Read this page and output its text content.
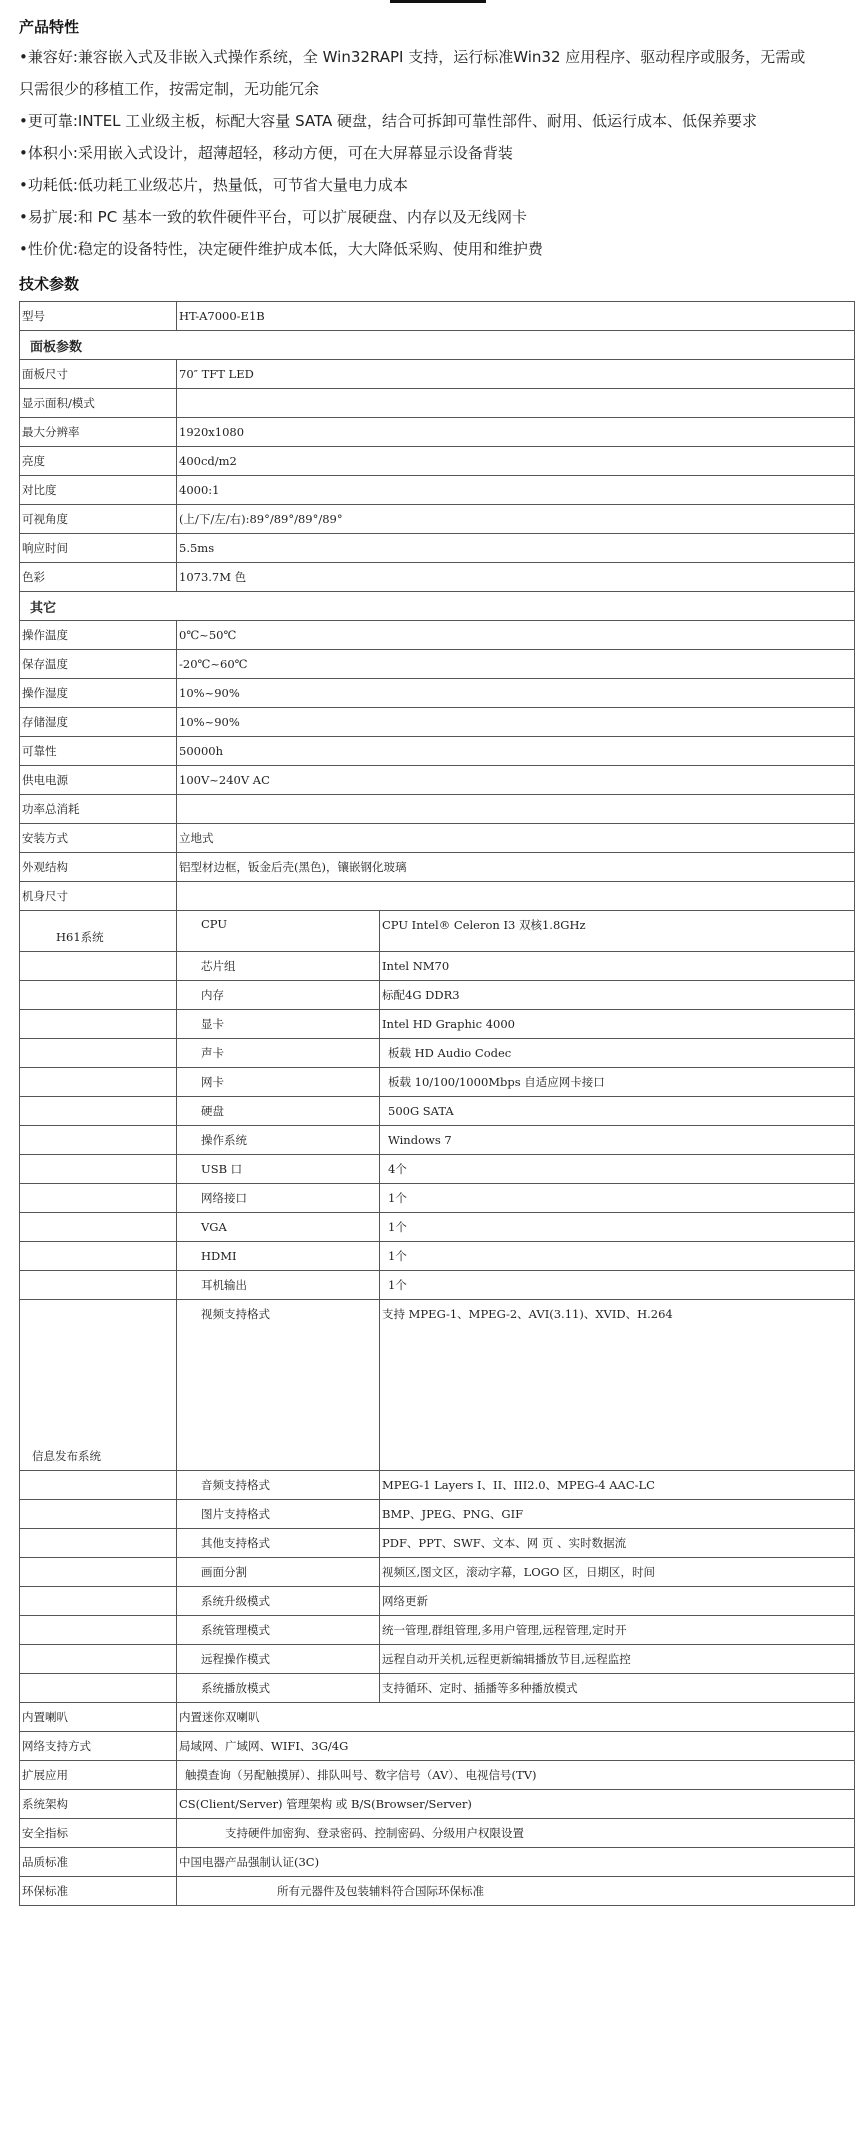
产品特性

•兼容好:兼容嵌入式及非嵌入式操作系统，全 Win32RAPI 支持，运行标准Win32 应用程序、驱动程序或服务，无需或

只需很少的移植工作，按需定制，无功能冗余

•更可靠:INTEL 工业级主板，标配大容量 SATA 硬盘，结合可拆卸可靠性部件、耐用、低运行成本、低保养要求

•体积小:采用嵌入式设计，超薄超轻，移动方便，可在大屏幕显示设备背装

•功耗低:低功耗工业级芯片，热量低，可节省大量电力成本

•易扩展:和 PC 基本一致的软件硬件平台，可以扩展硬盘、内存以及无线网卡

•性价优:稳定的设备特性，决定硬件维护成本低，大大降低采购、使用和维护费

技术参数
型号	HT-A7000-E1B	
面板参数		
面板尺寸	70″ TFT LED	
显示面积/模式		
最大分辨率	1920x1080	
亮度	400cd/m2	
对比度	4000:1	
可视角度	(上/下/左/右):89°/89°/89°/89°	
响应时间	5.5ms	
色彩	1073.7M 色	
其它		
操作温度	0℃~50℃	
保存温度	-20℃~60℃	
操作湿度	10%~90%	
存储湿度	10%~90%	
可靠性	50000h	
供电电源	100V~240V AC	
功率总消耗		
安装方式	立地式	
外观结构	铝型材边框，钣金后壳(黑色)，镶嵌钢化玻璃	
机身尺寸		
H61系统	CPU	CPU Intel® Celeron I3 双核1.8GHz
	芯片组	Intel NM70
	内存	标配4G DDR3
	显卡	Intel HD Graphic 4000
	声卡	板载 HD Audio Codec
	网卡	板载 10/100/1000Mbps 自适应网卡接口
	硬盘	500G SATA
	操作系统	Windows 7
	USB 口	4个
	网络接口	1个
	VGA	1个
	HDMI	1个
	耳机输出	1个
信息发布系统	视频支持格式	支持 MPEG-1、MPEG-2、AVI(3.11)、XVID、H.264
	音频支持格式	MPEG-1 Layers I、II、III2.0、MPEG-4 AAC-LC
	图片支持格式	BMP、JPEG、PNG、GIF
	其他支持格式	PDF、PPT、SWF、文本、网 页 、实时数据流
	画面分割	视频区,图文区，滚动字幕，LOGO 区，日期区，时间
	系统升级模式	网络更新
	系统管理模式	统一管理,群组管理,多用户管理,远程管理,定时开
	远程操作模式	远程自动开关机,远程更新编辑播放节目,远程监控
	系统播放模式	支持循环、定时、插播等多种播放模式
内置喇叭	内置迷你双喇叭	
网络支持方式	局域网、广域网、WIFI、3G/4G	
扩展应用	触摸查询（另配触摸屏）、排队叫号、数字信号（AV）、电视信号(TV)	
系统架构	CS(Client/Server) 管理架构 或 B/S(Browser/Server)	
安全指标	支持硬件加密狗、登录密码、控制密码、分级用户权限设置	
品质标准	中国电器产品强制认证(3C)	
环保标准	所有元器件及包装辅料符合国际环保标准	
